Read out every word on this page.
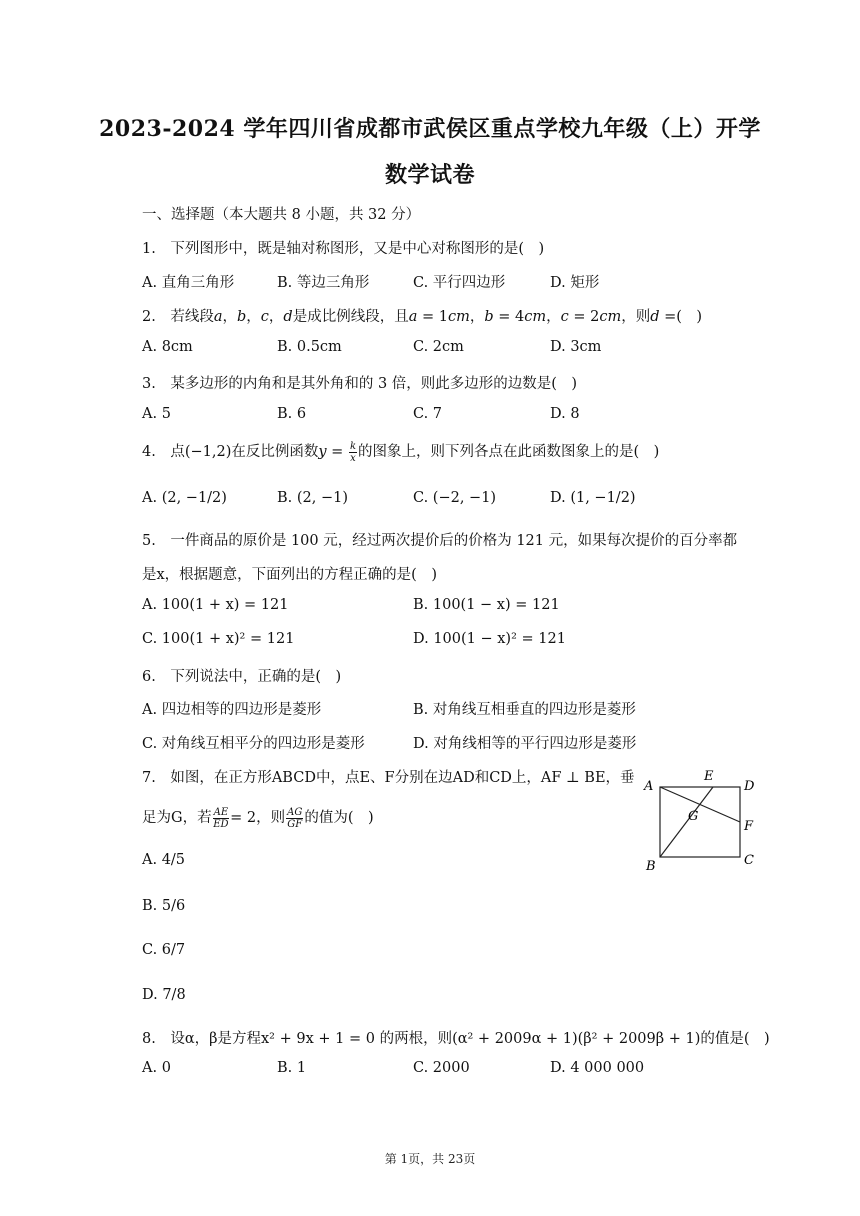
2023-2024 学年四川省成都市武侯区重点学校九年级（上）开学
数学试卷
一、选择题（本大题共 8 小题，共 32 分）
1.　下列图形中，既是轴对称图形，又是中心对称图形的是(　)
A. 直角三角形	B. 等边三角形	C. 平行四边形	D. 矩形
2.　若线段a，b，c，d是成比例线段，且a = 1cm，b = 4cm，c = 2cm，则d =(　)
A. 8cm	B. 0.5cm	C. 2cm	D. 3cm
3.　某多边形的内角和是其外角和的 3 倍，则此多边形的边数是(　)
A. 5	B. 6	C. 7	D. 8
4.　点(−1,2)在反比例函数$y = \frac{k}{x}$ 的图象上，则下列各点在此函数图象上的是(　)
A. (2, −1/2)	B. (2, −1)	C. (−2, −1)	D. (1, −1/2)
5.　一件商品的原价是 100 元，经过两次提价后的价格为 121 元，如果每次提价的百分率都
是x，根据题意，下面列出的方程正确的是(　)
A. 100(1 + x) = 121	B. 100(1 − x) = 121
C. 100(1 + x)² = 121	D. 100(1 − x)² = 121
6.　下列说法中，正确的是(　)
A. 四边相等的四边形是菱形	B. 对角线互相垂直的四边形是菱形
C. 对角线互相平分的四边形是菱形	D. 对角线相等的平行四边形是菱形
7.　如图，在正方形ABCD中，点E、F分别在边AD和CD上，AF ⊥ BE，垂
足为G，若 $\frac{AE}{ED} = 2$，则 $\frac{AG}{GF}$ 的值为(　)
A. 4/5
B. 5/6
C. 6/7
D. 7/8
A
E
D
G
F
B	C
8.　设α，β是方程x² + 9x + 1 = 0 的两根，则(α² + 2009α + 1)(β² + 2009β + 1)的值是(　)
A. 0	B. 1	C. 2000	D. 4 000 000
第 1页，共 23页
